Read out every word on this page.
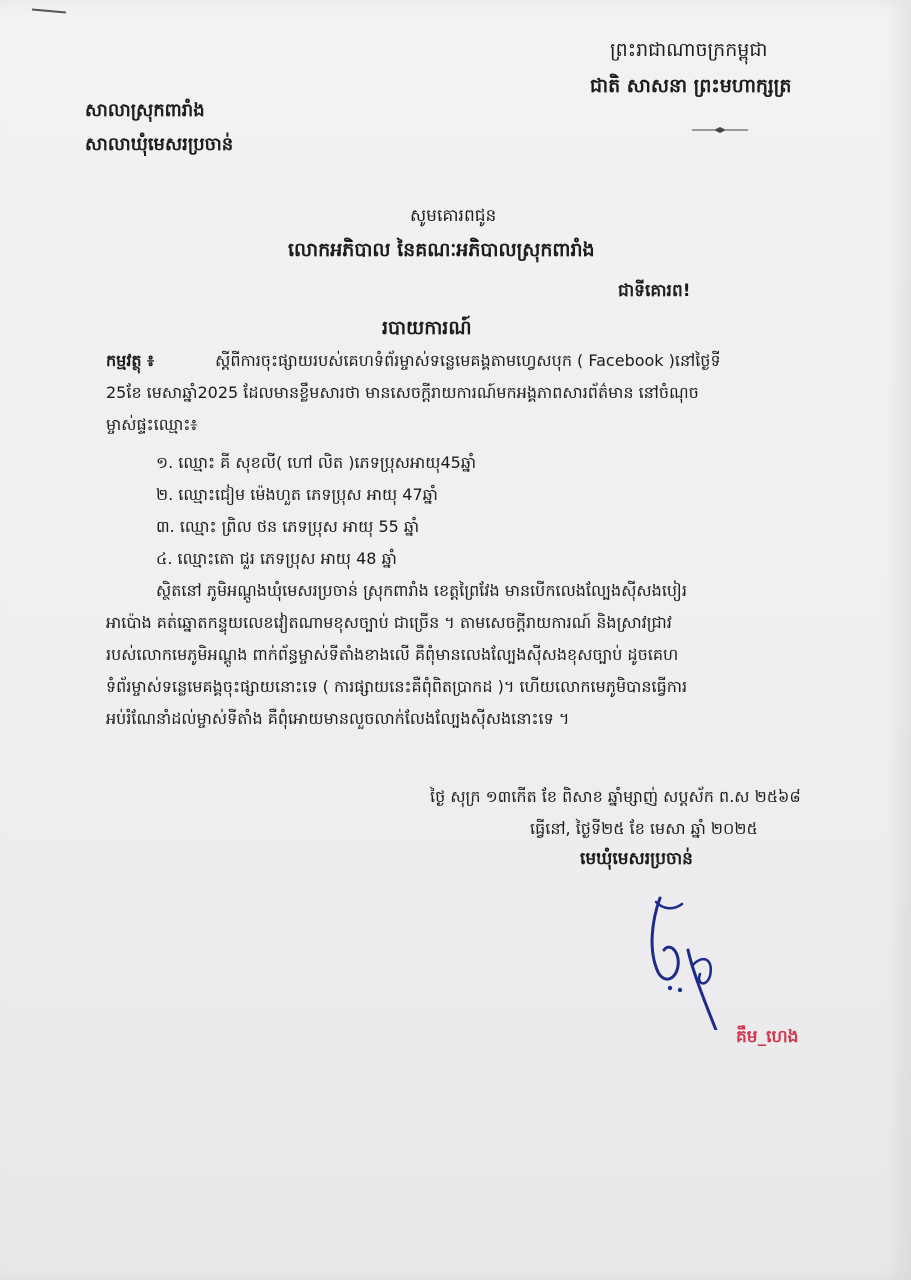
ព្រះរាជាណាចក្រកម្ពុជា
ជាតិ សាសនា ព្រះមហាក្សត្រ
សាលាស្រុកពារាំង
សាលាឃុំមេសរប្រចាន់
សូមគោរពជូន
លោកអភិបាល នៃគណៈអភិបាលស្រុកពារាំង
ជាទីគោរព!
របាយការណ៍
កម្មវត្ថុ ៖	ស្តីពីការចុះផ្សាយរបស់គេហទំព័រម្ចាស់ទន្លេមេគង្គតាមហ្វេសបុក ( Facebook )នៅថ្ងៃទី
25ខែ មេសាឆ្នាំ2025 ដែលមានខ្លឹមសារថា មានសេចក្តីរាយការណ៍មកអង្គភាពសារព័ត៌មាន នៅចំណុច
ម្ចាស់ផ្ទះឈ្មោះ៖
១. ឈ្មោះ គី សុខលី( ហៅ លិត )ភេទប្រុសអាយុ45ឆ្នាំ
២. ឈ្មោះជៀម ម៉េងហួត ភេទប្រុស អាយុ 47ឆ្នាំ
៣. ឈ្មោះ ព្រិល ថន ភេទប្រុស អាយុ 55 ឆ្នាំ
៤. ឈ្មោះតោ ជួរ ភេទប្រុស អាយុ 48 ឆ្នាំ
ស្ថិតនៅ ភូមិអណ្តូងឃុំមេសរប្រចាន់ ស្រុកពារាំង ខេត្តព្រៃវែង មានបើកលេងល្បែងស៊ីសងបៀរ
អាប៉ោង គត់ឆ្នោតកន្ទុយលេខវៀតណាមខុសច្បាប់ ជាច្រើន ។ តាមសេចក្តីរាយការណ៍ និងស្រាវជ្រាវ
របស់លោកមេភូមិអណ្តូង ពាក់ព័ន្ធម្ចាស់ទីតាំងខាងលើ គឺពុំមានលេងល្បែងស៊ីសងខុសច្បាប់ ដូចគេហ
ទំព័រម្ចាស់ទន្លេមេគង្គចុះផ្សាយនោះទេ ( ការផ្សាយនេះគឺពុំពិតប្រាកដ )។ ហើយលោកមេភូមិបានធ្វើការ
អប់រំណែនាំដល់ម្ចាស់ទីតាំង គឺពុំអោយមានលួចលាក់លែងល្បែងស៊ីសងនោះទេ ។
ថ្ងៃ សុក្រ ១៣កើត ខែ ពិសាខ ឆ្នាំម្សាញ់ សប្តស័ក ព.ស ២៥៦៨
ធ្វើនៅ, ថ្ងៃទី២៥ ខែ មេសា ឆ្នាំ ២០២៥
មេឃុំមេសរប្រចាន់
គឹម_ហេង
